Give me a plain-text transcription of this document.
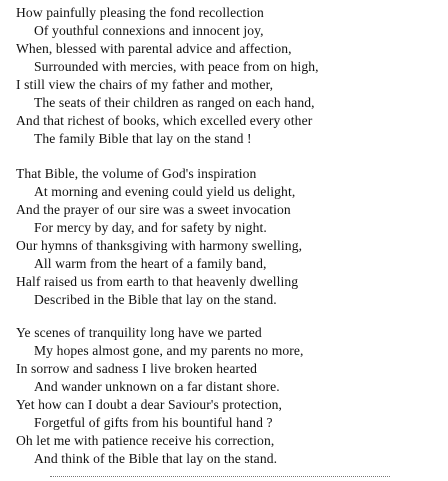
How painfully pleasing the fond recollection
Of youthful connexions and innocent joy,
When, blessed with parental advice and affection,
Surrounded with mercies, with peace from on high,
I still view the chairs of my father and mother,
The seats of their children as ranged on each hand,
And that richest of books, which excelled every other
The family Bible that lay on the stand !
That Bible, the volume of God's inspiration
At morning and evening could yield us delight,
And the prayer of our sire was a sweet invocation
For mercy by day, and for safety by night.
Our hymns of thanksgiving with harmony swelling,
All warm from the heart of a family band,
Half raised us from earth to that heavenly dwelling
Described in the Bible that lay on the stand.
Ye scenes of tranquility long have we parted
My hopes almost gone, and my parents no more,
In sorrow and sadness I live broken hearted
And wander unknown on a far distant shore.
Yet how can I doubt a dear Saviour's protection,
Forgetful of gifts from his bountiful hand ?
Oh let me with patience receive his correction,
And think of the Bible that lay on the stand.
